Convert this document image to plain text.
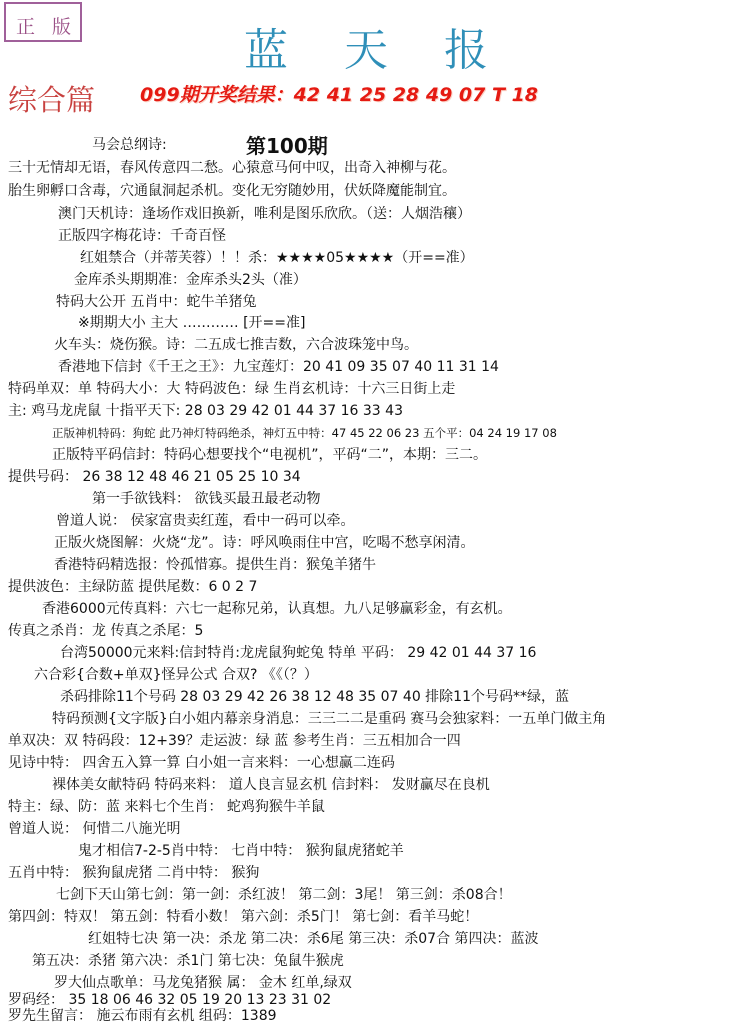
正 版	蓝 天 报
综合篇 099期开奖结果：42 41 25 28 49 07 T 18
第100期
马会总纲诗:
三十无情却无语，春风传意四二愁。心猿意马何中叹，出奇入神柳与花。
胎生卵孵口含毒，穴通鼠洞起杀机。变化无穷随妙用，伏妖降魔能制宜。
澳门天机诗：逢场作戏旧换新，唯利是图乐欣欣。（送：人烟浩穰）
正版四字梅花诗：千奇百怪
红姐禁合（并蒂芙蓉）！！杀：★★★★05★★★★（开==准）
金库杀头期期准：金库杀头2头（准）
特码大公开 五肖中：蛇牛羊猪兔
※期期大小 主大 ………… [开==准]
火车头：烧伤猴。诗：二五成七推吉数，六合波珠笼中鸟。
香港地下信封《千王之王》：九宝莲灯：20 41 09 35 07 40 11 31 14
特码单双：单 特码大小：大 特码波色：绿 生肖玄机诗：十六三日街上走
主: 鸡马龙虎鼠 十指平天下: 28 03 29 42 01 44 37 16 33 43
正版神机特码：狗蛇 此乃神灯特码绝杀，神灯五中特：47 45 22 06 23 五个平：04 24 19 17 08
正版特平码信封：特码心想要找个“电视机”，平码“二”，本期：三二。
提供号码： 26 38 12 48 46 21 05 25 10 34
第一手欲钱料： 欲钱买最丑最老动物
曾道人说： 侯家富贵卖红莲，看中一码可以牵。
正版火烧图解：火烧“龙”。诗：呼风唤雨住中宫，吃喝不愁享闲清。
香港特码精选报：怜孤惜寡。提供生肖：猴兔羊猪牛
提供波色：主绿防蓝 提供尾数：6 0 2 7
香港6000元传真料：六七一起称兄弟，认真想。九八足够赢彩金，有玄机。
传真之杀肖：龙 传真之杀尾：5
台湾50000元来料:信封特肖:龙虎鼠狗蛇兔 特单 平码： 29 42 01 44 37 16
六合彩{合数+单双}怪异公式 合双? 《《（？）
杀码排除11个号码 28 03 29 42 26 38 12 48 35 07 40 排除11个号码**绿，蓝
特码预测{文字版}白小姐内幕亲身消息：三三二二是重码 赛马会独家料：一五单门做主角
单双决：双 特码段：12+39？走运波：绿 蓝 参考生肖：三五相加合一四
见诗中特： 四舍五入算一算 白小姐一言来料：一心想赢二连码
裸体美女献特码 特码来料： 道人良言显玄机 信封料： 发财赢尽在良机
特主：绿、防：蓝 来料七个生肖： 蛇鸡狗猴牛羊鼠
曾道人说： 何惜二八施光明
鬼才相信7-2-5肖中特： 七肖中特： 猴狗鼠虎猪蛇羊
五肖中特： 猴狗鼠虎猪 二肖中特： 猴狗
七剑下天山第七剑：第一剑：杀红波！ 第二剑：3尾！ 第三剑：杀08合！
第四剑：特双！ 第五剑：特看小数！ 第六剑：杀5门！ 第七剑：看羊马蛇！
红姐特七决 第一决：杀龙 第二决：杀6尾 第三决：杀07合 第四决：蓝波
第五决：杀猪 第六决：杀1门 第七决：兔鼠牛猴虎
罗大仙点歌单：马龙兔猪猴 属： 金木 红单,绿双
罗码经： 35 18 06 46 32 05 19 20 13 23 31 02
罗先生留言： 施云布雨有玄机 组码：1389
